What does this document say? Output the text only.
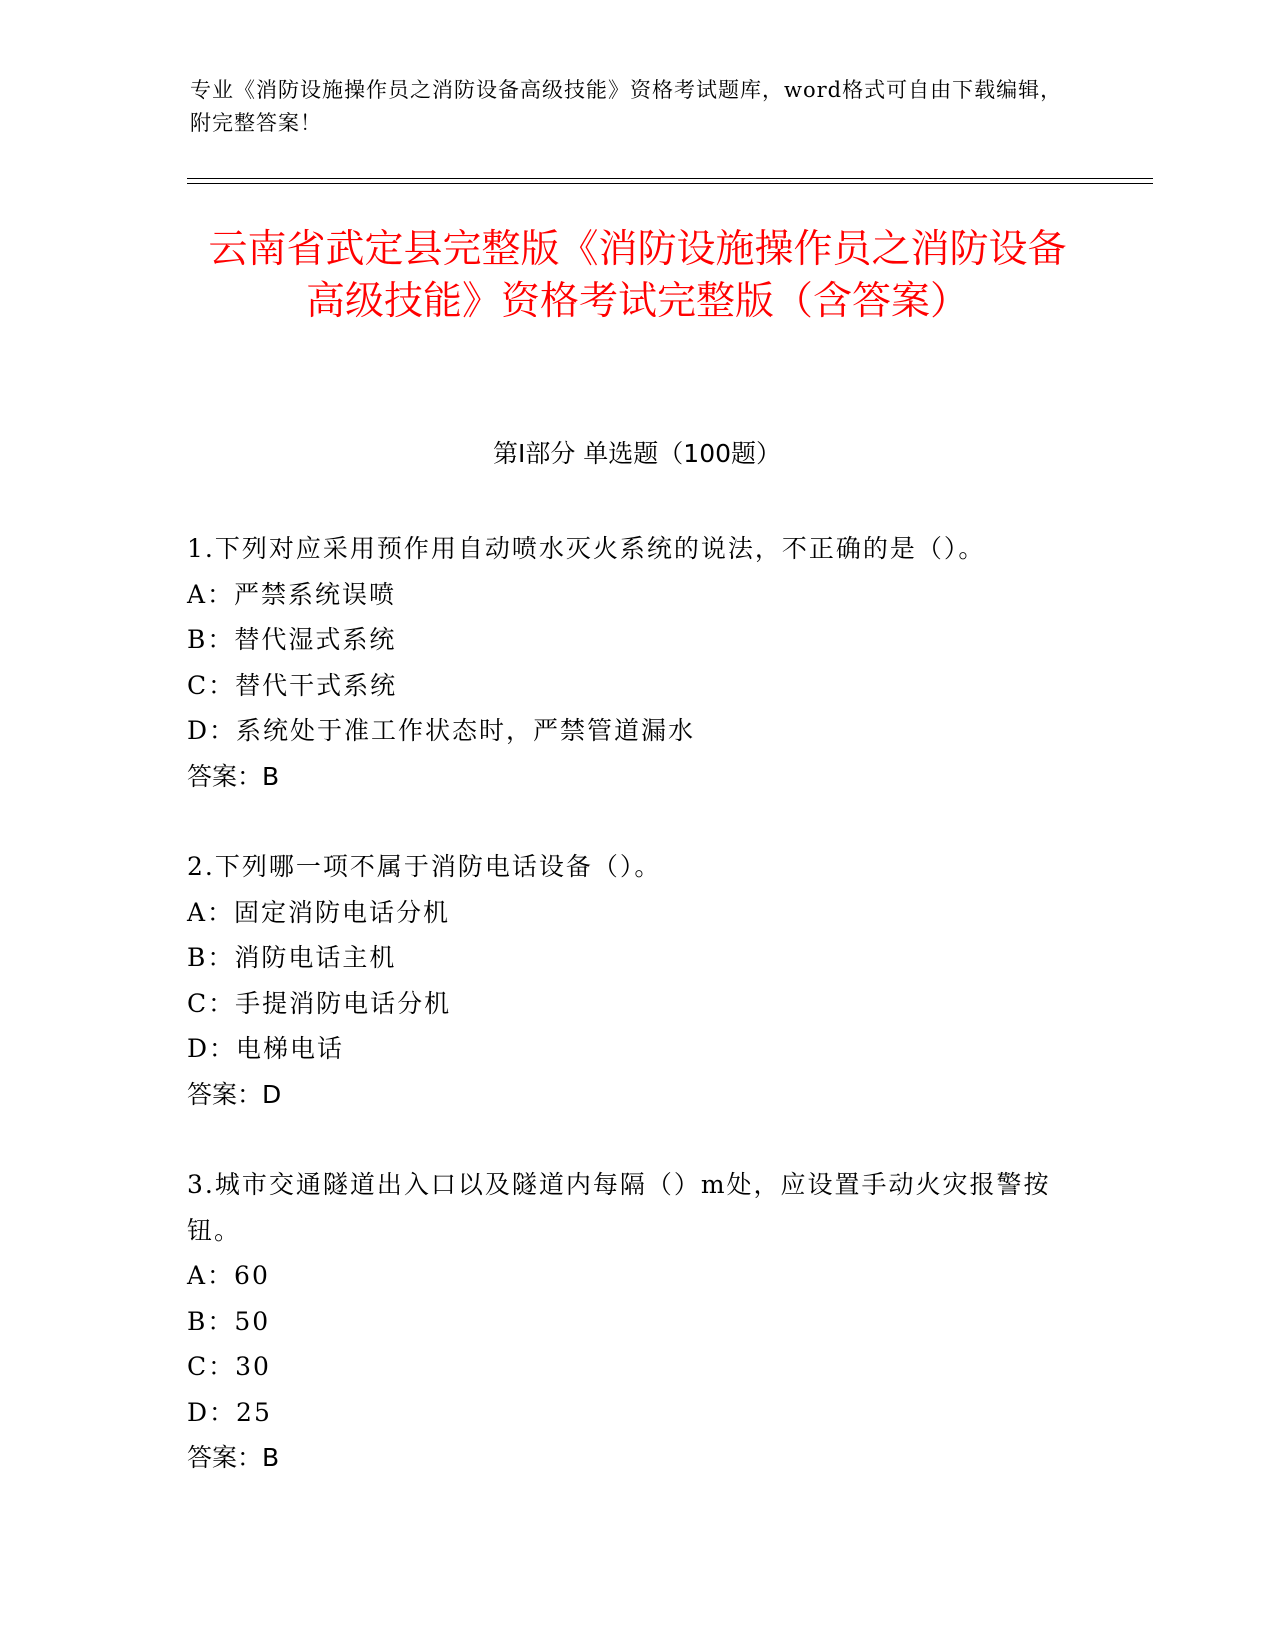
专业《消防设施操作员之消防设备高级技能》资格考试题库，word格式可自由下载编辑，附完整答案！
云南省武定县完整版《消防设施操作员之消防设备高级技能》资格考试完整版（含答案）
第Ⅰ部分 单选题（100题）
1.下列对应采用预作用自动喷水灭火系统的说法，不正确的是（）。
A：严禁系统误喷
B：替代湿式系统
C：替代干式系统
D：系统处于准工作状态时，严禁管道漏水
答案：B
2.下列哪一项不属于消防电话设备（）。
A：固定消防电话分机
B：消防电话主机
C：手提消防电话分机
D：电梯电话
答案：D
3.城市交通隧道出入口以及隧道内每隔（）m处，应设置手动火灾报警按钮。
A：60
B：50
C：30
D：25
答案：B
